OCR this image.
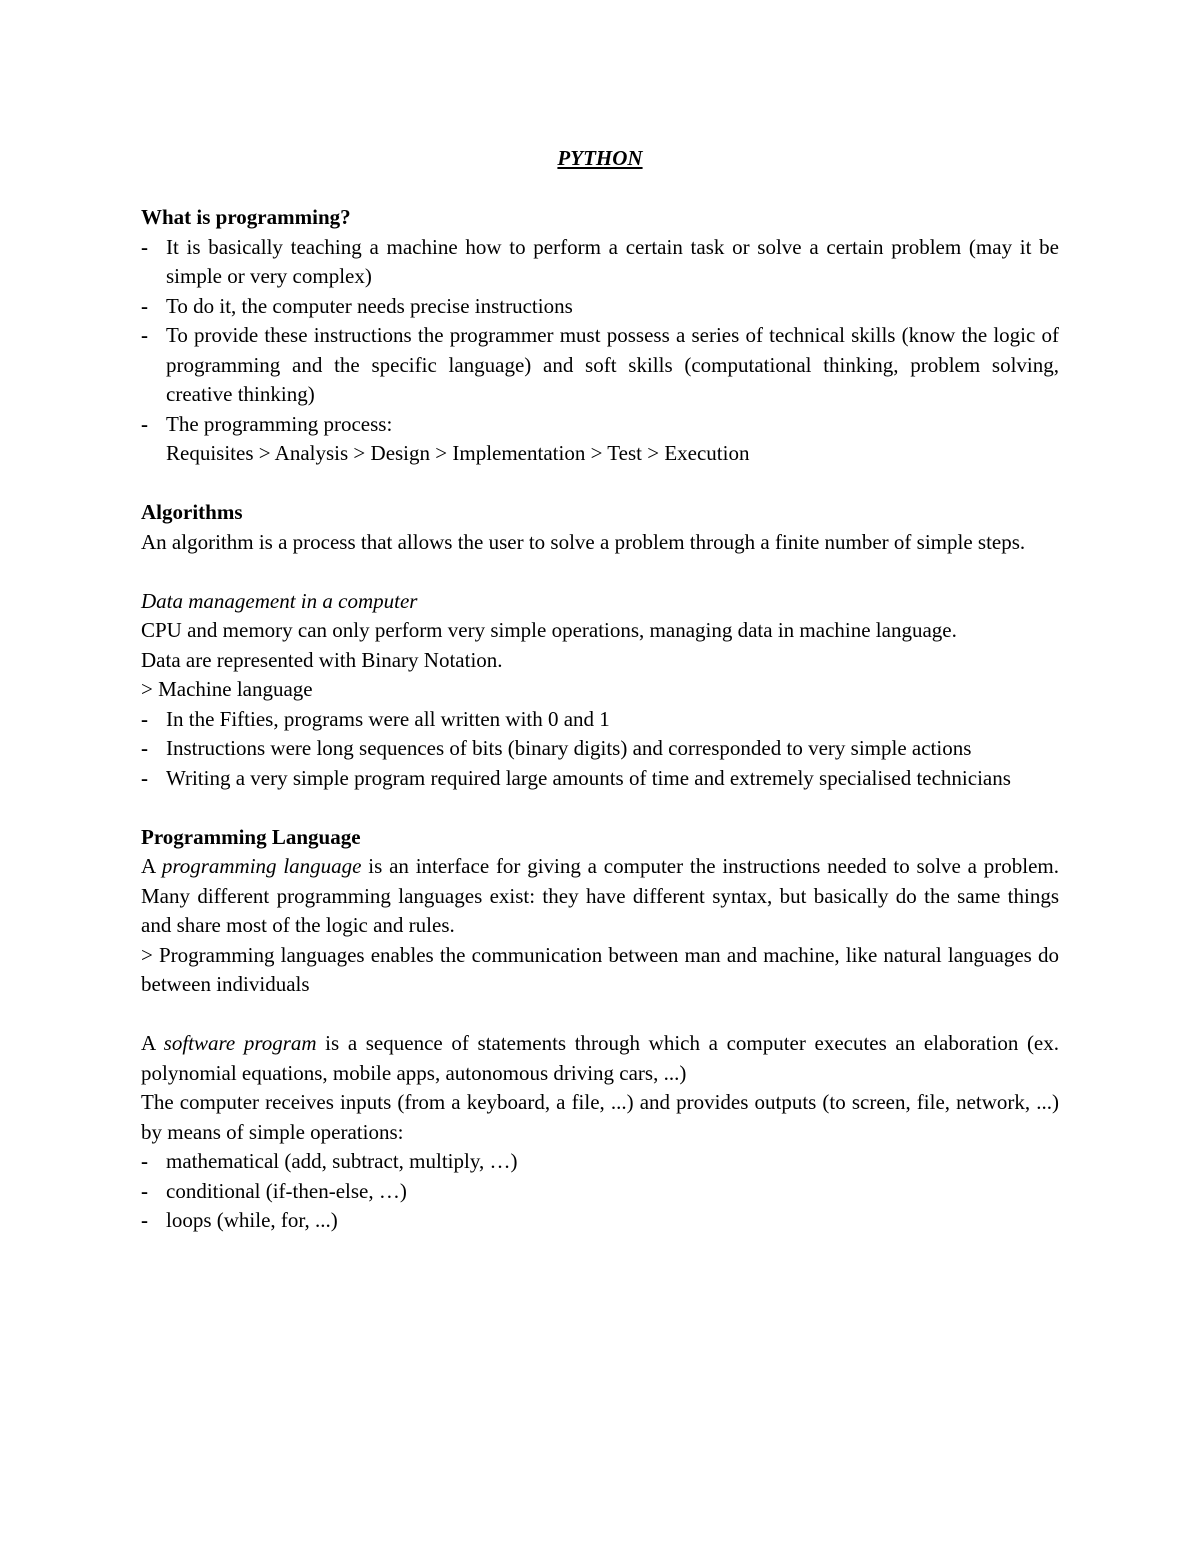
PYTHON
What is programming?
- It is basically teaching a machine how to perform a certain task or solve a certain problem (may it be simple or very complex)
- To do it, the computer needs precise instructions
- To provide these instructions the programmer must possess a series of technical skills (know the logic of programming and the specific language) and soft skills (computational thinking, problem solving, creative thinking)
- The programming process:
Requisites > Analysis > Design > Implementation > Test > Execution
Algorithms

An algorithm is a process that allows the user to solve a problem through a finite number of simple steps.

Data management in a computer

CPU and memory can only perform very simple operations, managing data in machine language.

Data are represented with Binary Notation.

> Machine language

- In the Fifties, programs were all written with 0 and 1
- Instructions were long sequences of bits (binary digits) and corresponded to very simple actions
- Writing a very simple program required large amounts of time and extremely specialised technicians
Programming Language

A programming language is an interface for giving a computer the instructions needed to solve a problem. Many different programming languages exist: they have different syntax, but basically do the same things and share most of the logic and rules.

> Programming languages enables the communication between man and machine, like natural languages do between individuals

A software program is a sequence of statements through which a computer executes an elaboration (ex. polynomial equations, mobile apps, autonomous driving cars, ...)

The computer receives inputs (from a keyboard, a file, ...) and provides outputs (to screen, file, network, ...) by means of simple operations:

- mathematical (add, subtract, multiply, …)
- conditional (if-then-else, …)
- loops (while, for, ...)
